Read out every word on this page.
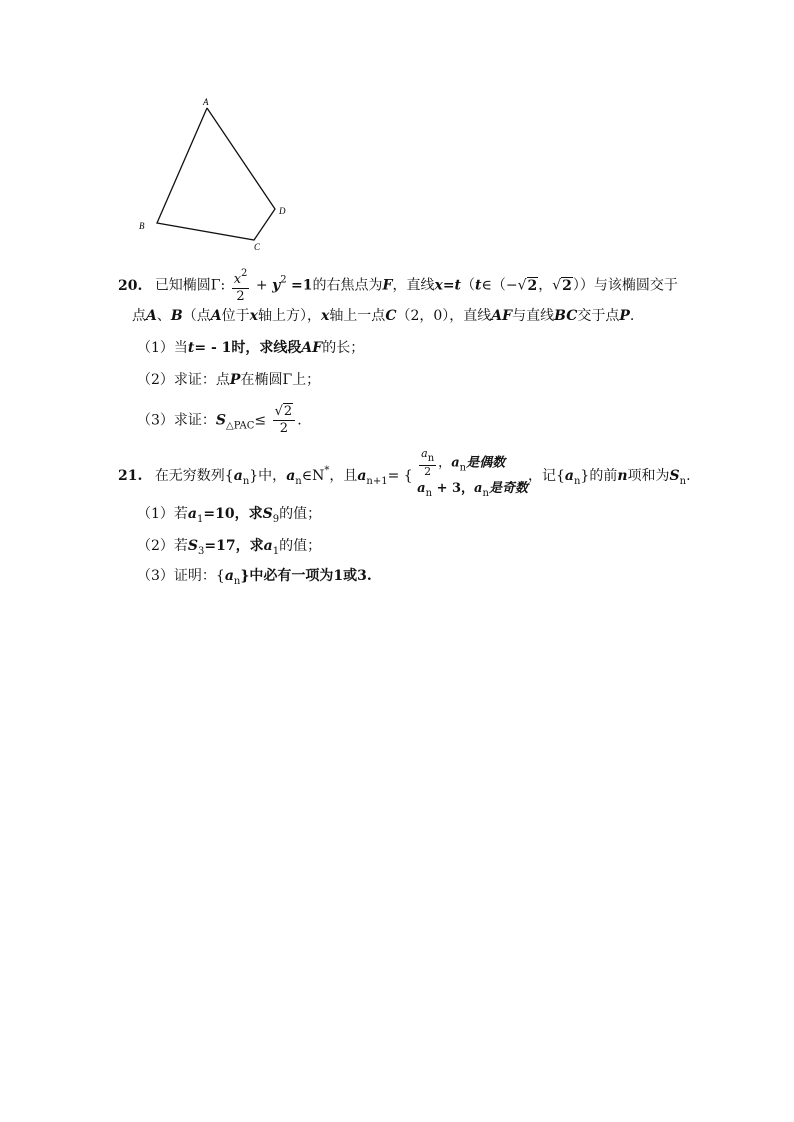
A
B
C
D
20. 已知椭圆Γ: $\frac{x^2}{2} + y^2 =1$的右焦点为F，直线x=t（t∈（−√2，√2））与该椭圆交于
点A、B（点A位于x轴上方），x轴上一点C（2，0），直线AF与直线BC交于点P.
（1）当t= - 1时，求线段AF的长；
（2）求证：点P在椭圆Γ上；
（3）求证：$S_{\triangle PAC}\le \frac{√2}{2}$ .
21. 在无穷数列$\{a_n\}$中，$a_n\in N^*$，且$a_{n+1}=$ { $\frac{an}{2}$ ，$a_n$是偶数
$a_n + 3$，$a_n$是奇数
，记$\{a_n\}$的前n项和为$S_n$.
（1）若$a_1=10$，求$S_9$的值；
（2）若$S_3=17$，求$a_1$的值；
（3）证明：$\{a_n\}$中必有一项为1或3.
